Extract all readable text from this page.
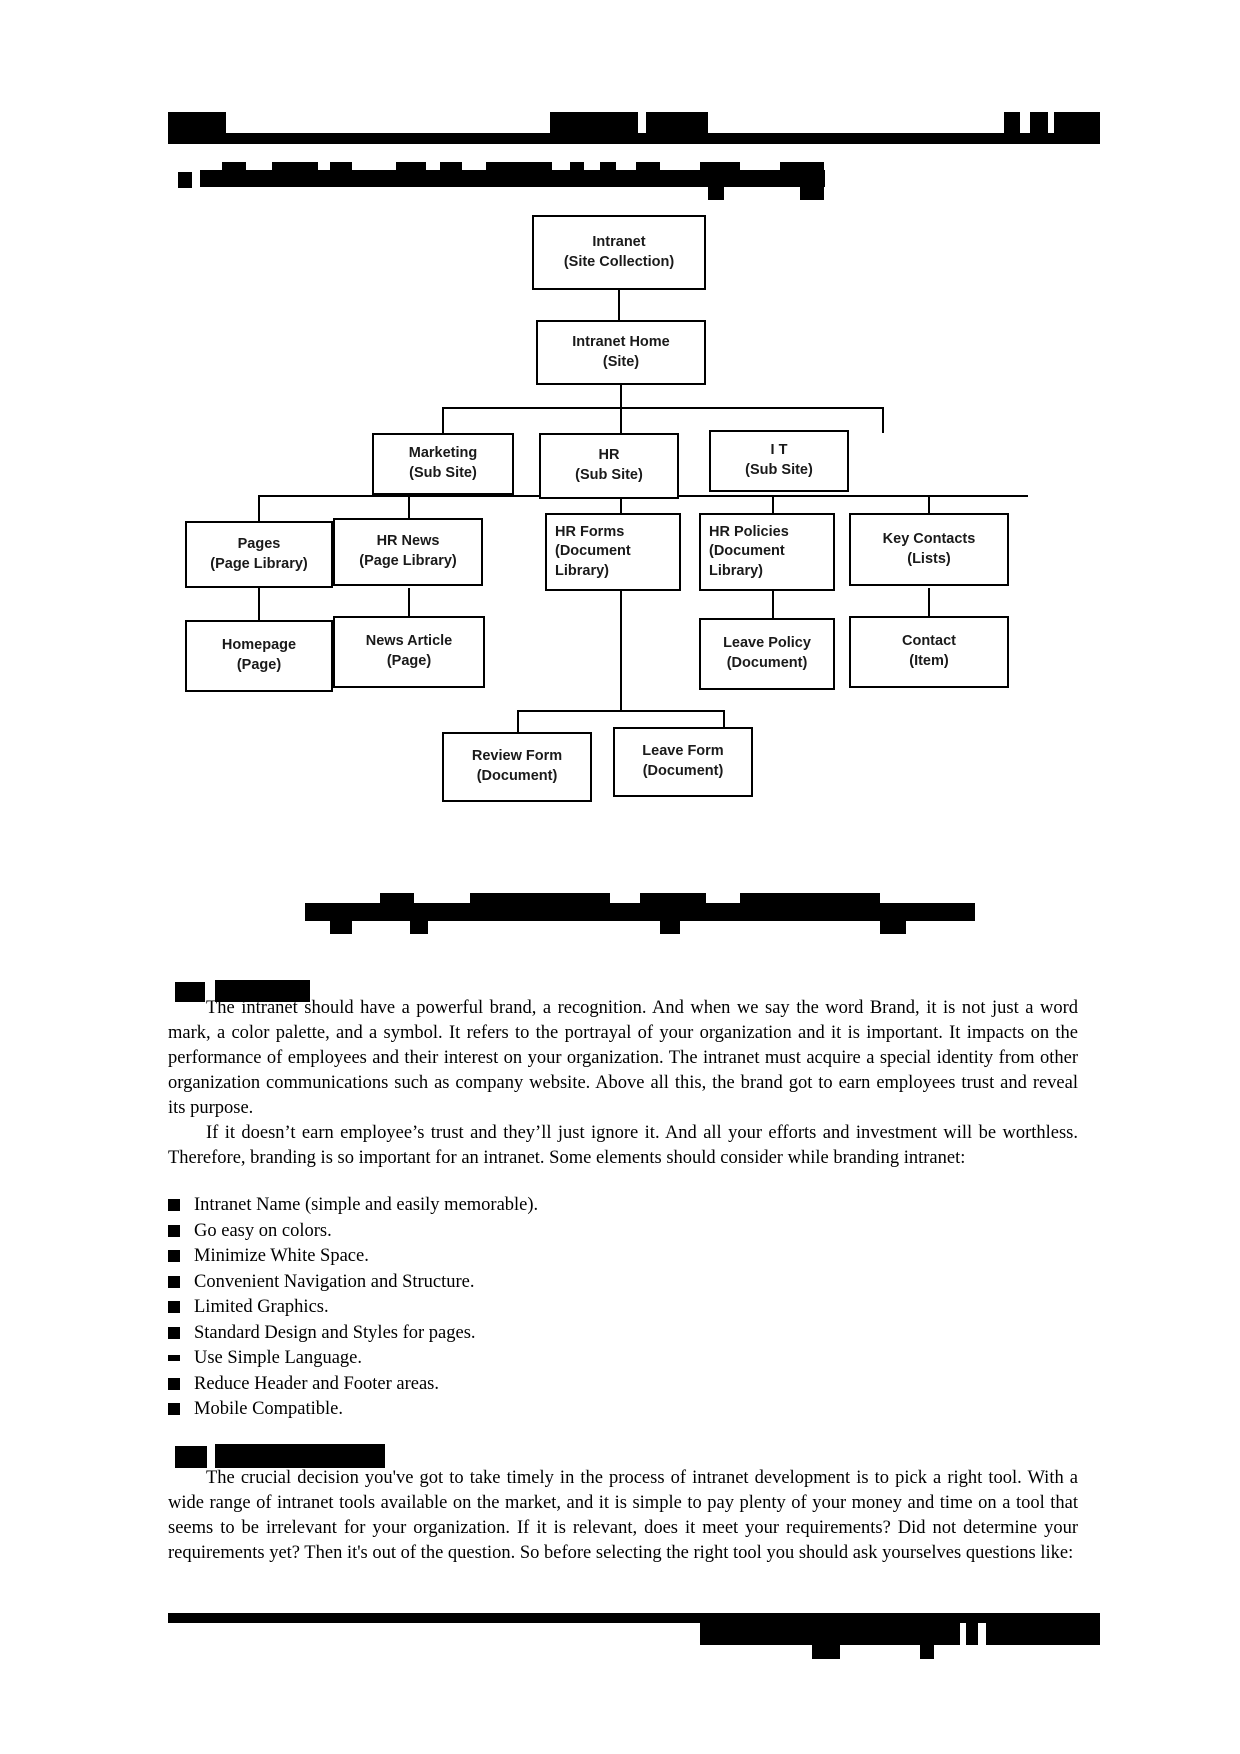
Intranet
(Site Collection)
Intranet Home
(Site)
Marketing
(Sub Site)
HR
(Sub Site)
I T
(Sub Site)
Pages
(Page Library)
HR News
(Page Library)
HR Forms
(Document Library)
HR Policies
(Document Library)
Key Contacts
(Lists)
Homepage
(Page)
News Article
(Page)
Leave Policy
(Document)
Contact
(Item)
Review Form
(Document)
Leave Form
(Document)

The intranet should have a powerful brand, a recognition. And when we say the word Brand, it is not just a word mark, a color palette, and a symbol. It refers to the portrayal of your organization and it is important. It impacts on the performance of employees and their interest on your organization. The intranet must acquire a special identity from other organization communications such as company website. Above all this, the brand got to earn employees trust and reveal its purpose.

If it doesn’t earn employee’s trust and they’ll just ignore it. And all your efforts and investment will be worthless. Therefore, branding is so important for an intranet. Some elements should consider while branding intranet:

Intranet Name (simple and easily memorable).
Go easy on colors.
Minimize White Space.
Convenient Navigation and Structure.
Limited Graphics.
Standard Design and Styles for pages.
Use Simple Language.
Reduce Header and Footer areas.
Mobile Compatible.

The crucial decision you've got to take timely in the process of intranet development is to pick a right tool. With a wide range of intranet tools available on the market, and it is simple to pay plenty of your money and time on a tool that seems to be irrelevant for your organization. If it is relevant, does it meet your requirements? Did not determine your requirements yet? Then it's out of the question. So before selecting the right tool you should ask yourselves questions like:
